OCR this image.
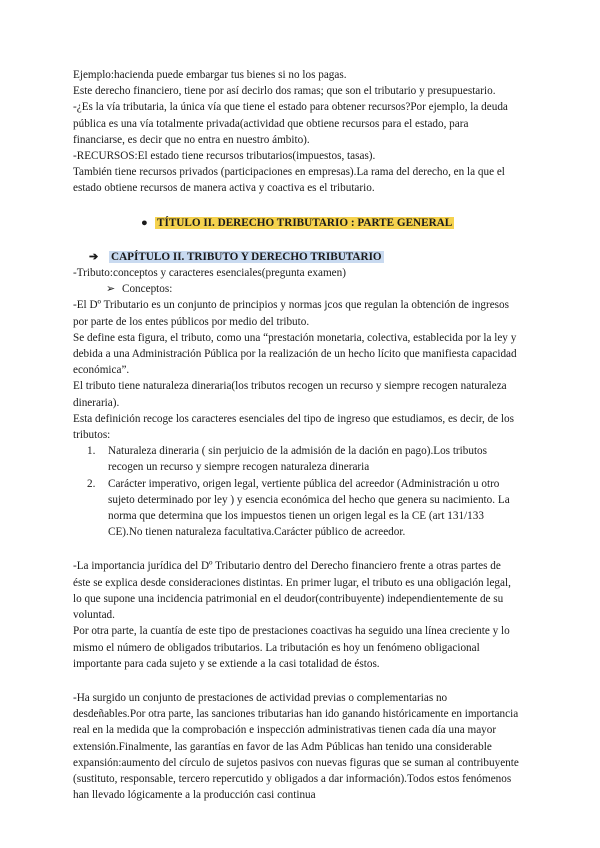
Ejemplo:hacienda puede embargar tus bienes si no los pagas.

Este derecho financiero, tiene por así decirlo dos ramas; que son el tributario y presupuestario.

-¿Es la vía tributaria, la única vía que tiene el estado para obtener recursos?Por ejemplo, la deuda pública es una vía totalmente privada(actividad que obtiene recursos para el estado, para financiarse, es decir que no entra en nuestro ámbito).

-RECURSOS:El estado tiene recursos tributarios(impuestos, tasas).

También tiene recursos privados (participaciones en empresas).La rama del derecho, en la que el estado obtiene recursos de manera activa y coactiva es el tributario.

● TÍTULO II. DERECHO TRIBUTARIO : PARTE GENERAL

➔ CAPÍTULO II. TRIBUTO Y DERECHO TRIBUTARIO

-Tributo:conceptos y caracteres esenciales(pregunta examen)

➢ Conceptos:

-El Dº Tributario es un conjunto de principios y normas jcos que regulan la obtención de ingresos por parte de los entes públicos por medio del tributo.

Se define esta figura, el tributo, como una “prestación monetaria, colectiva, establecida por la ley y debida a una Administración Pública por la realización de un hecho lícito que manifiesta capacidad económica”.

El tributo tiene naturaleza dineraria(los tributos recogen un recurso y siempre recogen naturaleza dineraria).

Esta definición recoge los caracteres esenciales del tipo de ingreso que estudiamos, es decir, de los tributos:

1. Naturaleza dineraria ( sin perjuicio de la admisión de la dación en pago).Los tributos recogen un recurso y siempre recogen naturaleza dineraria
2. Carácter imperativo, origen legal, vertiente pública del acreedor (Administración u otro sujeto determinado por ley ) y esencia económica del hecho que genera su nacimiento. La norma que determina que los impuestos tienen un origen legal es la CE (art 131/133 CE).No tienen naturaleza facultativa.Carácter público de acreedor.

-La importancia jurídica del Dº Tributario dentro del Derecho financiero frente a otras partes de éste se explica desde consideraciones distintas. En primer lugar, el tributo es una obligación legal, lo que supone una incidencia patrimonial en el deudor(contribuyente) independientemente de su voluntad.

Por otra parte, la cuantía de este tipo de prestaciones coactivas ha seguido una línea creciente y lo mismo el número de obligados tributarios. La tributación es hoy un fenómeno obligacional importante para cada sujeto y se extiende a la casi totalidad de éstos.

-Ha surgido un conjunto de prestaciones de actividad previas o complementarias no desdeñables.Por otra parte, las sanciones tributarias han ido ganando históricamente en importancia real en la medida que la comprobación e inspección administrativas tienen cada día una mayor extensión.Finalmente, las garantías en favor de las Adm Públicas han tenido una considerable expansión:aumento del círculo de sujetos pasivos con nuevas figuras que se suman al contribuyente (sustituto, responsable, tercero repercutido y obligados a dar información).Todos estos fenómenos han llevado lógicamente a la producción casi continua
